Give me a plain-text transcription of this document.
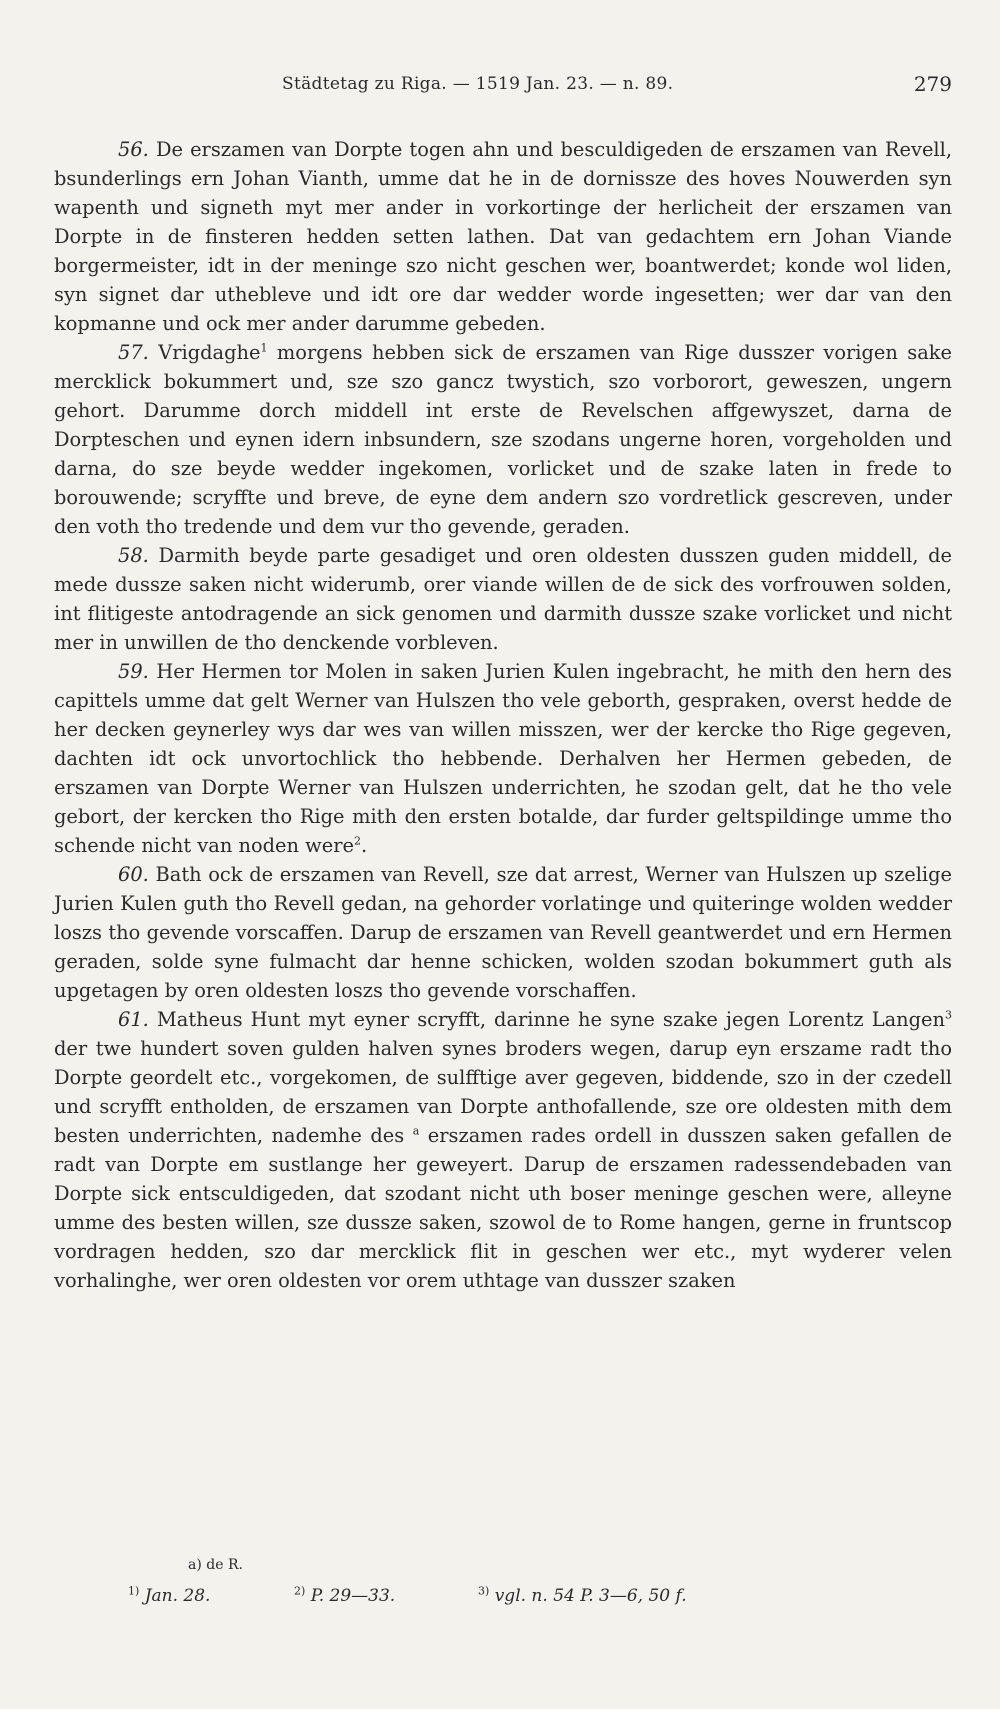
Städtetag zu Riga. — 1519 Jan. 23. — n. 89.	279

56. De erszamen van Dorpte togen ahn und besculdigeden de erszamen van Revell, bsunderlings ern Johan Vianth, umme dat he in de dornissze des hoves Nouwerden syn wapenth und signeth myt mer ander in vorkortinge der herlicheit der erszamen van Dorpte in de finsteren hedden setten lathen. Dat van gedachtem ern Johan Viande borgermeister, idt in der meninge szo nicht geschen wer, boantwerdet; konde wol liden, syn signet dar uthebleve und idt ore dar wedder worde ingesetten; wer dar van den kopmanne und ock mer ander darumme gebeden.

57. Vrigdaghe$^1$ morgens hebben sick de erszamen van Rige dusszer vorigen sake mercklick bokummert und, sze szo gancz twystich, szo vorborort, geweszen, ungern gehort. Darumme dorch middell int erste de Revelschen affgewyszet, darna de Dorpteschen und eynen idern inbsundern, sze szodans ungerne horen, vorgeholden und darna, do sze beyde wedder ingekomen, vorlicket und de szake laten in frede to borouwende; scryffte und breve, de eyne dem andern szo vordretlick gescreven, under den voth tho tredende und dem vur tho gevende, geraden.

58. Darmith beyde parte gesadiget und oren oldesten dusszen guden middell, de mede dussze saken nicht widerumb, orer viande willen de de sick des vorfrouwen solden, int flitigeste antodragende an sick genomen und darmith dussze szake vorlicket und nicht mer in unwillen de tho denckende vorbleven.

59. Her Hermen tor Molen in saken Jurien Kulen ingebracht, he mith den hern des capittels umme dat gelt Werner van Hulszen tho vele geborth, gespraken, overst hedde de her decken geynerley wys dar wes van willen misszen, wer der kercke tho Rige gegeven, dachten idt ock unvortochlick tho hebbende. Derhalven her Hermen gebeden, de erszamen van Dorpte Werner van Hulszen underrichten, he szodan gelt, dat he tho vele gebort, der kercken tho Rige mith den ersten botalde, dar furder geltspildinge umme tho schende nicht van noden were$^2$.

60. Bath ock de erszamen van Revell, sze dat arrest, Werner van Hulszen up szelige Jurien Kulen guth tho Revell gedan, na gehorder vorlatinge und quiteringe wolden wedder loszs tho gevende vorscaffen. Darup de erszamen van Revell geantwerdet und ern Hermen geraden, solde syne fulmacht dar henne schicken, wolden szodan bokummert guth als upgetagen by oren oldesten loszs tho gevende vorschaffen.

61. Matheus Hunt myt eyner scryfft, darinne he syne szake jegen Lorentz Langen$^3$ der twe hundert soven gulden halven synes broders wegen, darup eyn erszame radt tho Dorpte geordelt etc., vorgekomen, de sulfftige aver gegeven, biddende, szo in der czedell und scryfft entholden, de erszamen van Dorpte anthofallende, sze ore oldesten mith dem besten underrichten, nademhe des $^a$ erszamen rades ordell in dusszen saken gefallen de radt van Dorpte em sustlange her geweyert. Darup de erszamen radessendebaden van Dorpte sick entsculdigeden, dat szodant nicht uth boser meninge geschen were, alleyne umme des besten willen, sze dussze saken, szowol de to Rome hangen, gerne in fruntscop vordragen hedden, szo dar mercklick flit in geschen wer etc., myt wyderer velen vorhalinghe, wer oren oldesten vor orem uthtage van dusszer szaken

a) de R.
$^{1)}$ Jan. 28.	$^{2)}$ P. 29—33.	$^{3)}$ vgl. n. 54 P. 3—6, 50 f.
